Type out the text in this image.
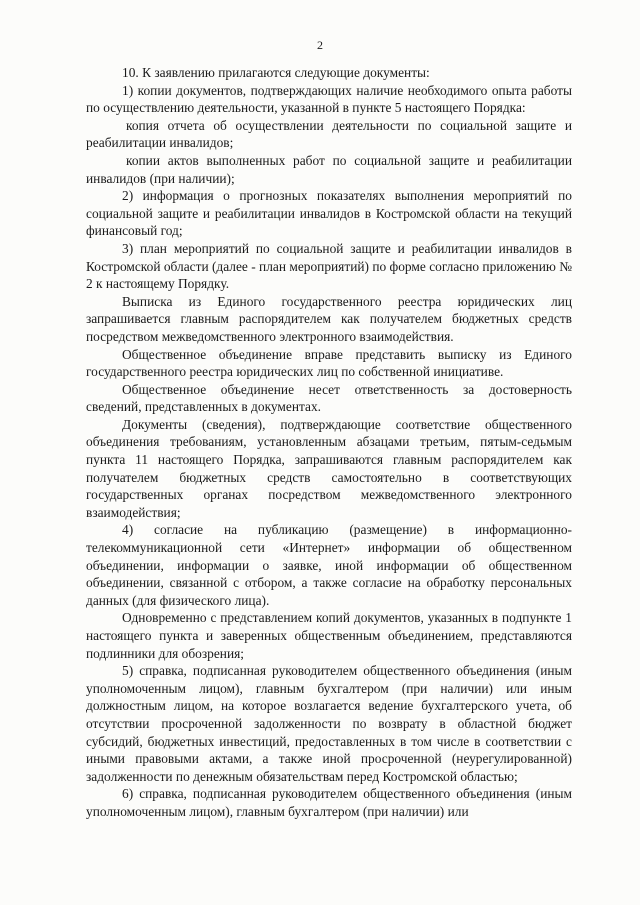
2

10. К заявлению прилагаются следующие документы:

1) копии документов, подтверждающих наличие необходимого опыта работы по осуществлению деятельности, указанной в пункте 5 настоящего Порядка:

копия отчета об осуществлении деятельности по социальной защите и реабилитации инвалидов;

копии актов выполненных работ по социальной защите и реабилитации инвалидов (при наличии);

2) информация о прогнозных показателях выполнения мероприятий по социальной защите и реабилитации инвалидов в Костромской области на текущий финансовый год;

3) план мероприятий по социальной защите и реабилитации инвалидов в Костромской области (далее - план мероприятий) по форме согласно приложению № 2 к настоящему Порядку.

Выписка из Единого государственного реестра юридических лиц запрашивается главным распорядителем как получателем бюджетных средств посредством межведомственного электронного взаимодействия.

Общественное объединение вправе представить выписку из Единого государственного реестра юридических лиц по собственной инициативе.

Общественное объединение несет ответственность за достоверность сведений, представленных в документах.

Документы (сведения), подтверждающие соответствие общественного объединения требованиям, установленным абзацами третьим, пятым-седьмым пункта 11 настоящего Порядка, запрашиваются главным распорядителем как получателем бюджетных средств самостоятельно в соответствующих государственных органах посредством межведомственного электронного взаимодействия;

4) согласие на публикацию (размещение) в информационно-телекоммуникационной сети «Интернет» информации об общественном объединении, информации о заявке, иной информации об общественном объединении, связанной с отбором, а также согласие на обработку персональных данных (для физического лица).

Одновременно с представлением копий документов, указанных в подпункте 1 настоящего пункта и заверенных общественным объединением, представляются подлинники для обозрения;

5) справка, подписанная руководителем общественного объединения (иным уполномоченным лицом), главным бухгалтером (при наличии) или иным должностным лицом, на которое возлагается ведение бухгалтерского учета, об отсутствии просроченной задолженности по возврату в областной бюджет субсидий, бюджетных инвестиций, предоставленных в том числе в соответствии с иными правовыми актами, а также иной просроченной (неурегулированной) задолженности по денежным обязательствам перед Костромской областью;

6) справка, подписанная руководителем общественного объединения (иным уполномоченным лицом), главным бухгалтером (при наличии) или
